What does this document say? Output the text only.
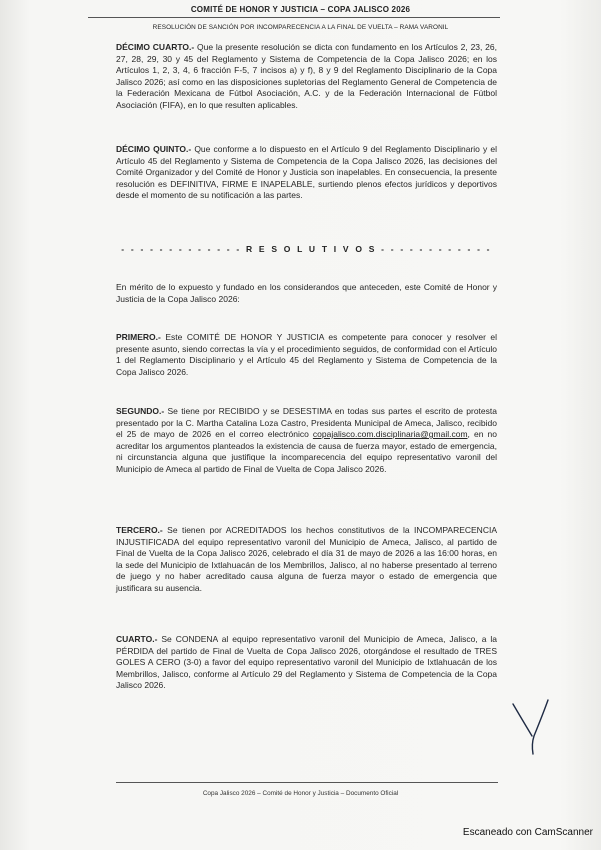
COMITÉ DE HONOR Y JUSTICIA – COPA JALISCO 2026
RESOLUCIÓN DE SANCIÓN POR INCOMPARECENCIA A LA FINAL DE VUELTA – RAMA VARONIL
DÉCIMO CUARTO.- Que la presente resolución se dicta con fundamento en los Artículos 2, 23, 26, 27, 28, 29, 30 y 45 del Reglamento y Sistema de Competencia de la Copa Jalisco 2026; en los Artículos 1, 2, 3, 4, 6 fracción F-5, 7 incisos a) y f), 8 y 9 del Reglamento Disciplinario de la Copa Jalisco 2026; así como en las disposiciones supletorias del Reglamento General de Competencia de la Federación Mexicana de Fútbol Asociación, A.C. y de la Federación Internacional de Fútbol Asociación (FIFA), en lo que resulten aplicables.
DÉCIMO QUINTO.- Que conforme a lo dispuesto en el Artículo 9 del Reglamento Disciplinario y el Artículo 45 del Reglamento y Sistema de Competencia de la Copa Jalisco 2026, las decisiones del Comité Organizador y del Comité de Honor y Justicia son inapelables. En consecuencia, la presente resolución es DEFINITIVA, FIRME E INAPELABLE, surtiendo plenos efectos jurídicos y deportivos desde el momento de su notificación a las partes.
- - - - - - - - - - - - - R E S O L U T I V O S - - - - - - - - - - - -
En mérito de lo expuesto y fundado en los considerandos que anteceden, este Comité de Honor y Justicia de la Copa Jalisco 2026:
PRIMERO.- Este COMITÉ DE HONOR Y JUSTICIA es competente para conocer y resolver el presente asunto, siendo correctas la vía y el procedimiento seguidos, de conformidad con el Artículo 1 del Reglamento Disciplinario y el Artículo 45 del Reglamento y Sistema de Competencia de la Copa Jalisco 2026.
SEGUNDO.- Se tiene por RECIBIDO y se DESESTIMA en todas sus partes el escrito de protesta presentado por la C. Martha Catalina Loza Castro, Presidenta Municipal de Ameca, Jalisco, recibido el 25 de mayo de 2026 en el correo electrónico copajalisco.com.disciplinaria@gmail.com, en no acreditar los argumentos planteados la existencia de causa de fuerza mayor, estado de emergencia, ni circunstancia alguna que justifique la incomparecencia del equipo representativo varonil del Municipio de Ameca al partido de Final de Vuelta de Copa Jalisco 2026.
TERCERO.- Se tienen por ACREDITADOS los hechos constitutivos de la INCOMPARECENCIA INJUSTIFICADA del equipo representativo varonil del Municipio de Ameca, Jalisco, al partido de Final de Vuelta de la Copa Jalisco 2026, celebrado el día 31 de mayo de 2026 a las 16:00 horas, en la sede del Municipio de Ixtlahuacán de los Membrillos, Jalisco, al no haberse presentado al terreno de juego y no haber acreditado causa alguna de fuerza mayor o estado de emergencia que justificara su ausencia.
CUARTO.- Se CONDENA al equipo representativo varonil del Municipio de Ameca, Jalisco, a la PÉRDIDA del partido de Final de Vuelta de Copa Jalisco 2026, otorgándose el resultado de TRES GOLES A CERO (3-0) a favor del equipo representativo varonil del Municipio de Ixtlahuacán de los Membrillos, Jalisco, conforme al Artículo 29 del Reglamento y Sistema de Competencia de la Copa Jalisco 2026.
Copa Jalisco 2026 – Comité de Honor y Justicia – Documento Oficial
Escaneado con CamScanner
